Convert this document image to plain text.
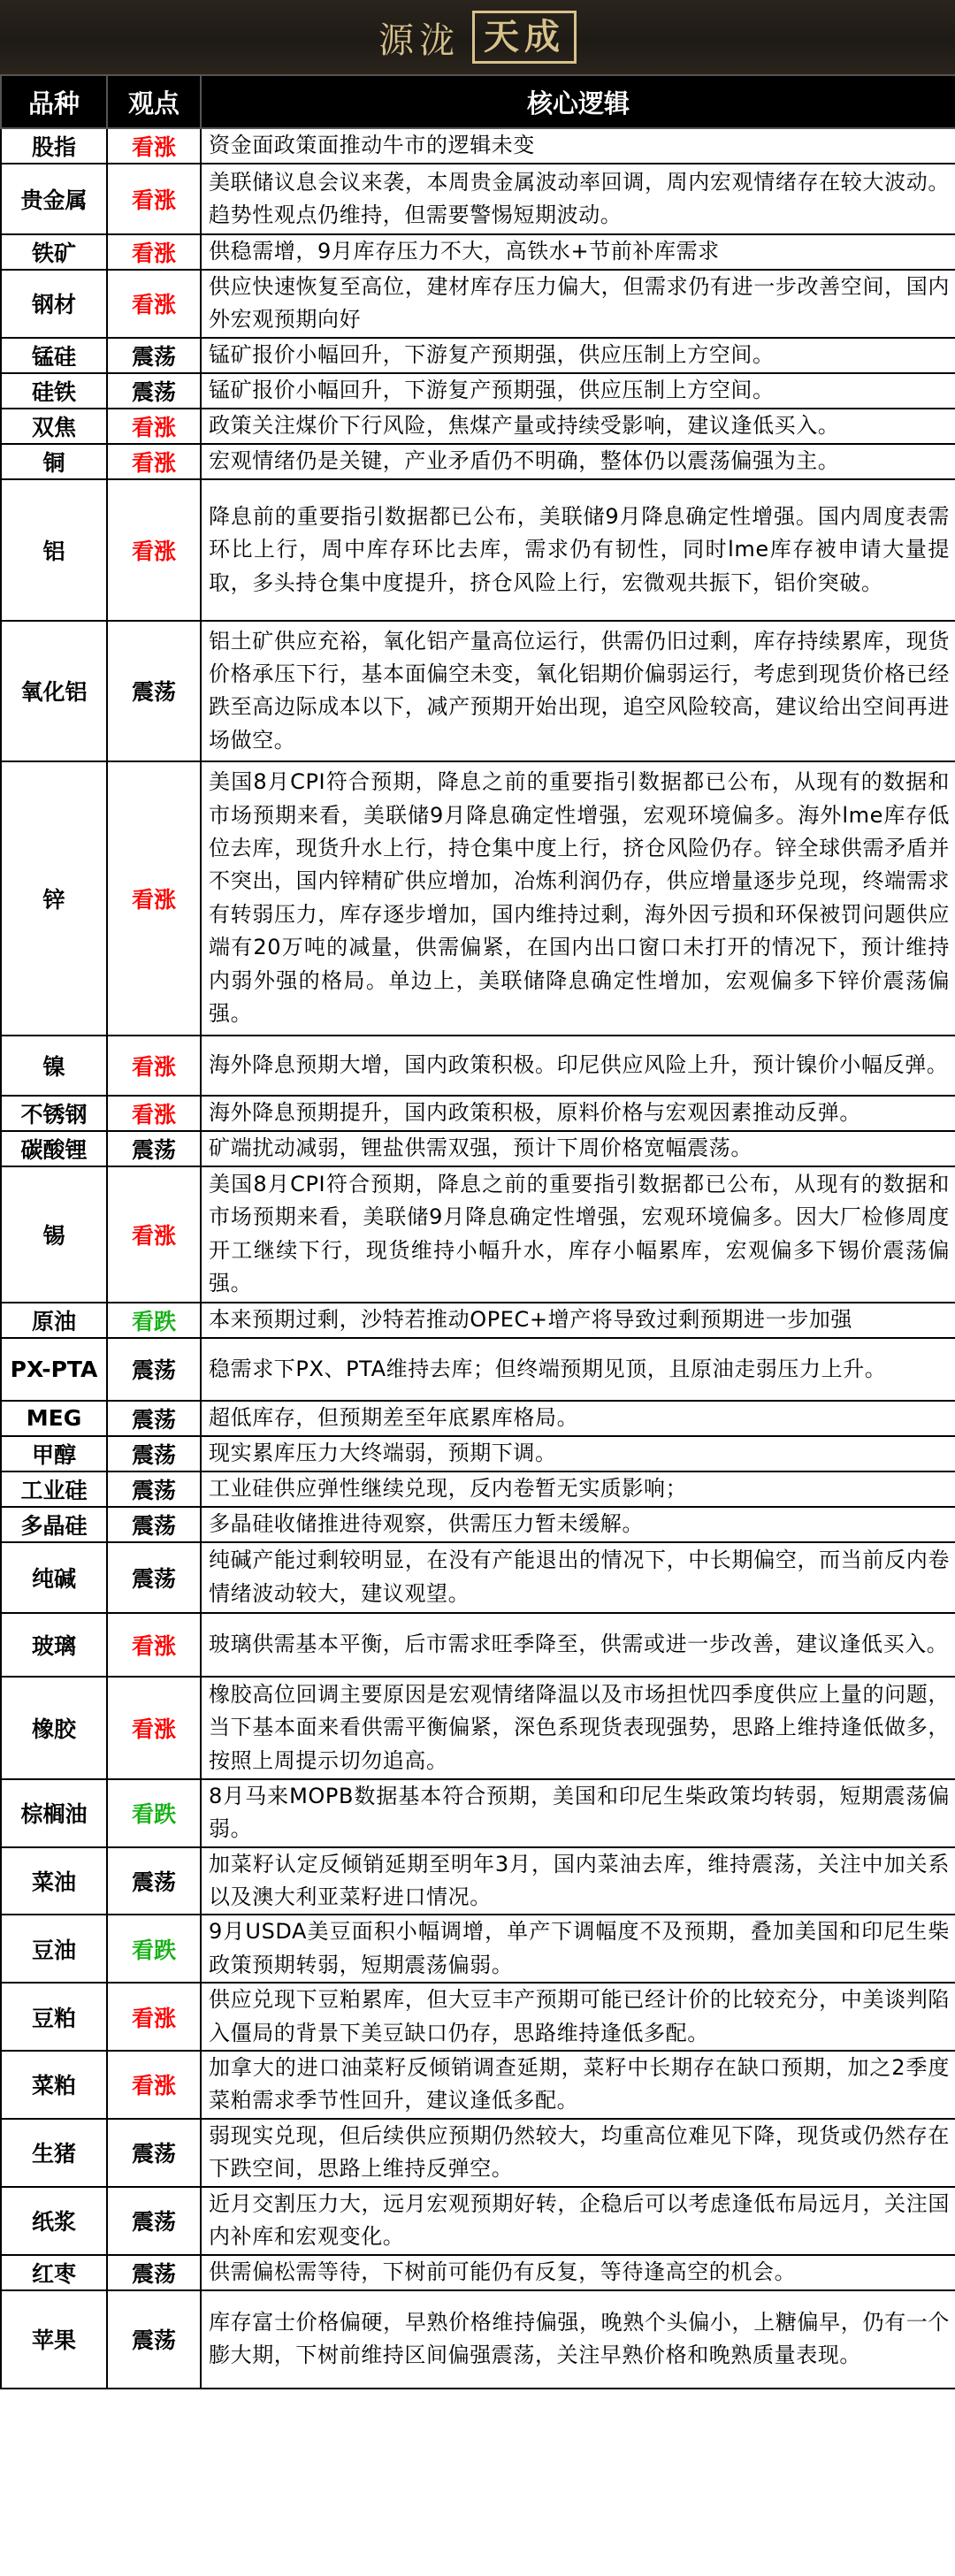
源泷 天成
品种	观点	核心逻辑
股指	看涨	资金面政策面推动牛市的逻辑未变
贵金属	看涨	美联储议息会议来袭，本周贵金属波动率回调，周内宏观情绪存在较大波动。趋势性观点仍维持，但需要警惕短期波动。
铁矿	看涨	供稳需增，9月库存压力不大，高铁水+节前补库需求
钢材	看涨	供应快速恢复至高位，建材库存压力偏大，但需求仍有进一步改善空间，国内外宏观预期向好
锰硅	震荡	锰矿报价小幅回升，下游复产预期强，供应压制上方空间。
硅铁	震荡	锰矿报价小幅回升，下游复产预期强，供应压制上方空间。
双焦	看涨	政策关注煤价下行风险，焦煤产量或持续受影响，建议逢低买入。
铜	看涨	宏观情绪仍是关键，产业矛盾仍不明确，整体仍以震荡偏强为主。
铝	看涨	降息前的重要指引数据都已公布，美联储9月降息确定性增强。国内周度表需环比上行，周中库存环比去库，需求仍有韧性，同时lme库存被申请大量提取，多头持仓集中度提升，挤仓风险上行，宏微观共振下，铝价突破。
氧化铝	震荡	铝土矿供应充裕，氧化铝产量高位运行，供需仍旧过剩，库存持续累库，现货价格承压下行，基本面偏空未变，氧化铝期价偏弱运行，考虑到现货价格已经跌至高边际成本以下，减产预期开始出现，追空风险较高，建议给出空间再进场做空。
锌	看涨	美国8月CPI符合预期，降息之前的重要指引数据都已公布，从现有的数据和市场预期来看，美联储9月降息确定性增强，宏观环境偏多。海外lme库存低位去库，现货升水上行，持仓集中度上行，挤仓风险仍存。锌全球供需矛盾并不突出，国内锌精矿供应增加，冶炼利润仍存，供应增量逐步兑现，终端需求有转弱压力，库存逐步增加，国内维持过剩，海外因亏损和环保被罚问题供应端有20万吨的减量，供需偏紧，在国内出口窗口未打开的情况下，预计维持内弱外强的格局。单边上，美联储降息确定性增加，宏观偏多下锌价震荡偏强。
镍	看涨	海外降息预期大增，国内政策积极。印尼供应风险上升，预计镍价小幅反弹。
不锈钢	看涨	海外降息预期提升，国内政策积极，原料价格与宏观因素推动反弹。
碳酸锂	震荡	矿端扰动减弱，锂盐供需双强，预计下周价格宽幅震荡。
锡	看涨	美国8月CPI符合预期，降息之前的重要指引数据都已公布，从现有的数据和市场预期来看，美联储9月降息确定性增强，宏观环境偏多。因大厂检修周度开工继续下行，现货维持小幅升水，库存小幅累库，宏观偏多下锡价震荡偏强。
原油	看跌	本来预期过剩，沙特若推动OPEC+增产将导致过剩预期进一步加强
PX-PTA	震荡	稳需求下PX、PTA维持去库；但终端预期见顶，且原油走弱压力上升。
MEG	震荡	超低库存，但预期差至年底累库格局。
甲醇	震荡	现实累库压力大终端弱，预期下调。
工业硅	震荡	工业硅供应弹性继续兑现，反内卷暂无实质影响；
多晶硅	震荡	多晶硅收储推进待观察，供需压力暂未缓解。
纯碱	震荡	纯碱产能过剩较明显，在没有产能退出的情况下，中长期偏空，而当前反内卷情绪波动较大，建议观望。
玻璃	看涨	玻璃供需基本平衡，后市需求旺季降至，供需或进一步改善，建议逢低买入。
橡胶	看涨	橡胶高位回调主要原因是宏观情绪降温以及市场担忧四季度供应上量的问题，当下基本面来看供需平衡偏紧，深色系现货表现强势，思路上维持逢低做多，按照上周提示切勿追高。
棕榈油	看跌	8月马来MOPB数据基本符合预期，美国和印尼生柴政策均转弱，短期震荡偏弱。
菜油	震荡	加菜籽认定反倾销延期至明年3月，国内菜油去库，维持震荡，关注中加关系以及澳大利亚菜籽进口情况。
豆油	看跌	9月USDA美豆面积小幅调增，单产下调幅度不及预期，叠加美国和印尼生柴政策预期转弱，短期震荡偏弱。
豆粕	看涨	供应兑现下豆粕累库，但大豆丰产预期可能已经计价的比较充分，中美谈判陷入僵局的背景下美豆缺口仍存，思路维持逢低多配。
菜粕	看涨	加拿大的进口油菜籽反倾销调查延期，菜籽中长期存在缺口预期，加之2季度菜粕需求季节性回升，建议逢低多配。
生猪	震荡	弱现实兑现，但后续供应预期仍然较大，均重高位难见下降，现货或仍然存在下跌空间，思路上维持反弹空。
纸浆	震荡	近月交割压力大，远月宏观预期好转，企稳后可以考虑逢低布局远月，关注国内补库和宏观变化。
红枣	震荡	供需偏松需等待，下树前可能仍有反复，等待逢高空的机会。
苹果	震荡	库存富士价格偏硬，早熟价格维持偏强，晚熟个头偏小，上糖偏早，仍有一个膨大期，下树前维持区间偏强震荡，关注早熟价格和晚熟质量表现。
